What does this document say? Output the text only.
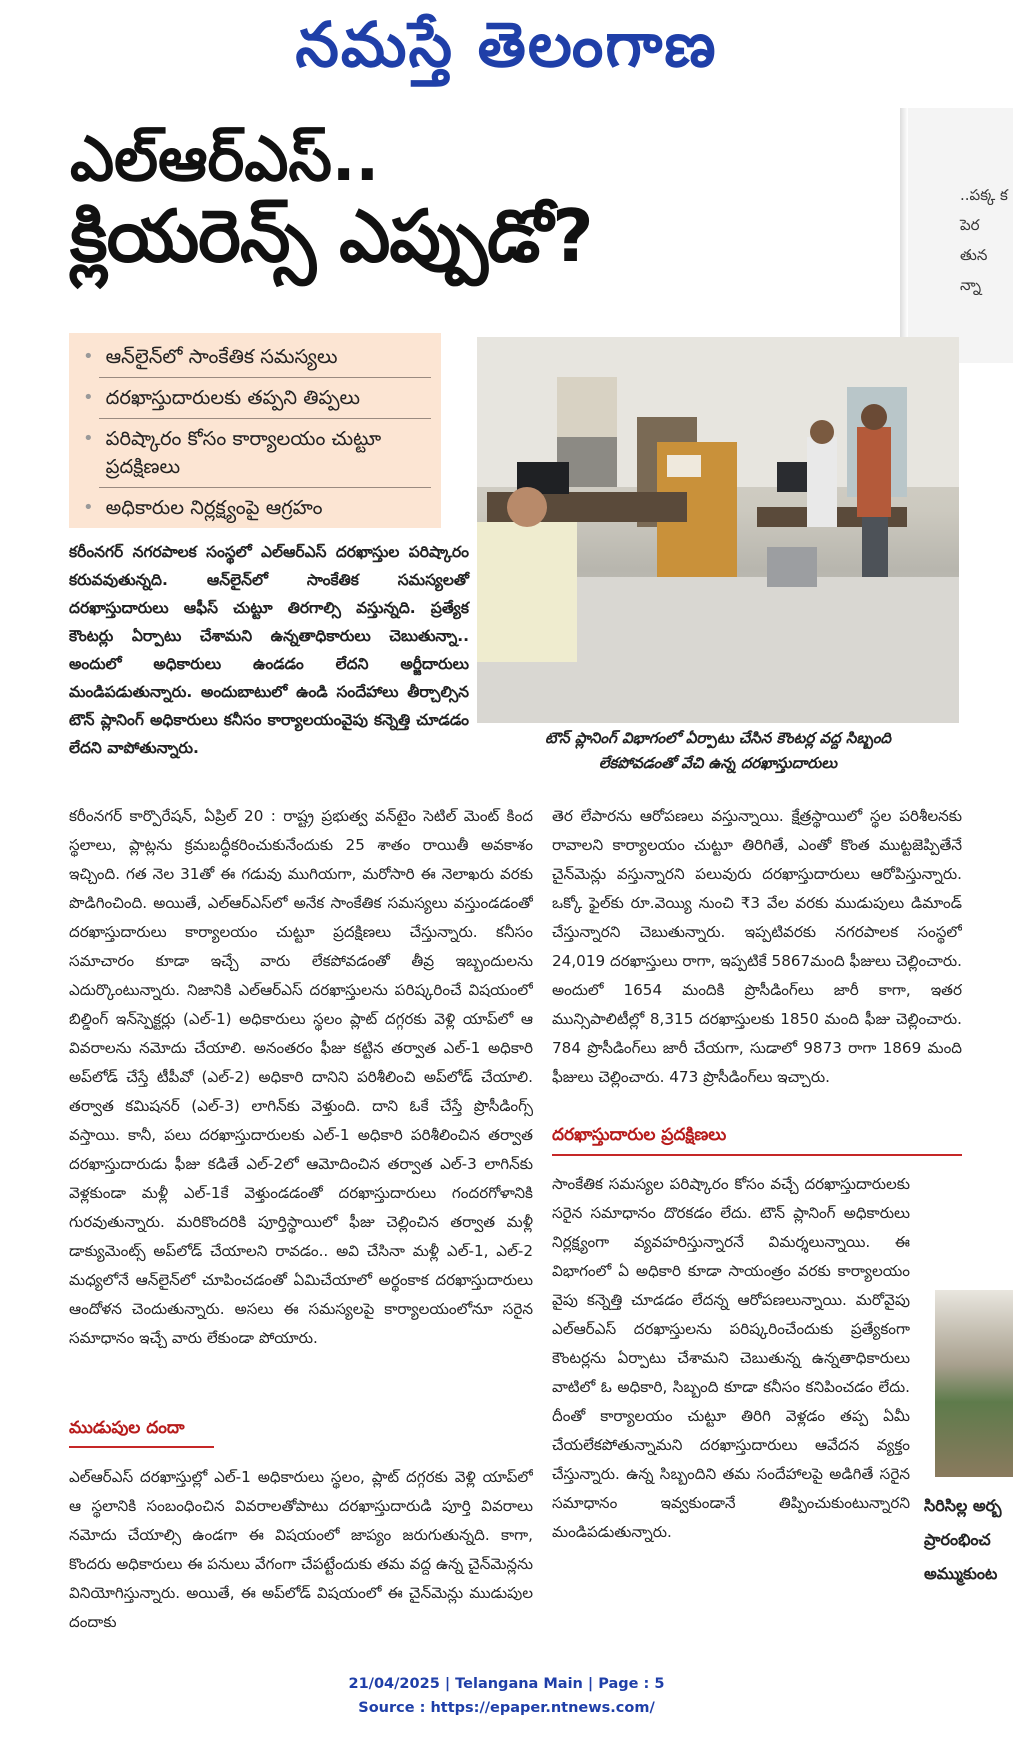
నమస్తే తెలంగాణ
..పక్క క
పెర
తున
న్నా
ఎల్‌ఆర్‌ఎస్‌..
క్లియరెన్స్‌ ఎప్పుడో?
• ఆన్‌లైన్‌లో సాంకేతిక సమస్యలు
• దరఖాస్తుదారులకు తప్పని తిప్పలు
• పరిష్కారం కోసం కార్యాలయం చుట్టూ ప్రదక్షిణలు
• అధికారుల నిర్లక్ష్యంపై ఆగ్రహం
టౌన్‌ ప్లానింగ్‌ విభాగంలో ఏర్పాటు చేసిన కౌంటర్ల వద్ద సిబ్బంది
లేకపోవడంతో వేచి ఉన్న దరఖాస్తుదారులు
కరీంనగర్‌ నగరపాలక సంస్థలో ఎల్‌ఆర్‌ఎస్‌ దరఖాస్తుల పరిష్కారం కరువవుతున్నది. ఆన్‌లైన్‌లో సాంకేతిక సమస్యలతో దరఖాస్తుదారులు ఆఫీస్‌ చుట్టూ తిరగాల్సి వస్తున్నది. ప్రత్యేక కౌంటర్లు ఏర్పాటు చేశామని ఉన్నతాధికారులు చెబుతున్నా.. అందులో అధికారులు ఉండడం లేదని అర్జీదారులు మండిపడుతున్నారు. అందుబాటులో ఉండి సందేహాలు తీర్చాల్సిన టౌన్‌ ప్లానింగ్‌ అధికారులు కనీసం కార్యాలయంవైపు కన్నెత్తి చూడడం లేదని వాపోతున్నారు.
కరీంనగర్‌ కార్పొరేషన్‌, ఏప్రిల్‌ 20 : రాష్ట్ర ప్రభుత్వ వన్‌టైం సెటిల్‌ మెంట్‌ కింద స్థలాలు, ప్లాట్లను క్రమబద్ధీకరించుకునేందుకు 25 శాతం రాయితీ అవకాశం ఇచ్చింది. గత నెల 31తో ఈ గడువు ముగియగా, మరోసారి ఈ నెలాఖరు వరకు పొడిగించింది. అయితే, ఎల్‌ఆర్‌ఎస్‌లో అనేక సాంకేతిక సమస్యలు వస్తుండడంతో దరఖాస్తుదారులు కార్యాలయం చుట్టూ ప్రదక్షిణలు చేస్తున్నారు. కనీసం సమాచారం కూడా ఇచ్చే వారు లేకపోవడంతో తీవ్ర ఇబ్బందులను ఎదుర్కొంటున్నారు. నిజానికి ఎల్‌ఆర్‌ఎస్‌ దరఖాస్తులను పరిష్కరించే విషయంలో బిల్డింగ్‌ ఇన్‌స్పెక్టర్లు (ఎల్‌-1) అధికారులు స్థలం ప్లాట్‌ దగ్గరకు వెళ్లి యాప్‌లో ఆ వివరాలను నమోదు చేయాలి. అనంతరం ఫీజు కట్టిన తర్వాత ఎల్‌-1 అధికారి అప్‌లోడ్‌ చేస్తే టీపీవో (ఎల్‌-2) అధికారి దానిని పరిశీలించి అప్‌లోడ్‌ చేయాలి. తర్వాత కమిషనర్‌ (ఎల్‌-3) లాగిన్‌కు వెళ్తుంది. దాని ఓకే చేస్తే ప్రొసీడింగ్స్‌ వస్తాయి. కానీ, పలు దరఖాస్తుదారులకు ఎల్‌-1 అధికారి పరిశీలించిన తర్వాత దరఖాస్తుదారుడు ఫీజు కడితే ఎల్‌-2లో ఆమోదించిన తర్వాత ఎల్‌-3 లాగిన్‌కు వెళ్లకుండా మళ్లీ ఎల్‌-1కే వెళ్తుండడంతో దరఖాస్తుదారులు గందరగోళానికి గురవుతున్నారు. మరికొందరికి పూర్తిస్థాయిలో ఫీజు చెల్లించిన తర్వాత మళ్లీ డాక్యుమెంట్స్‌ అప్‌లోడ్‌ చేయాలని రావడం.. అవి చేసినా మళ్లీ ఎల్‌-1, ఎల్‌-2 మధ్యలోనే ఆన్‌లైన్‌లో చూపించడంతో ఏమిచేయాలో అర్థంకాక దరఖాస్తుదారులు ఆందోళన చెందుతున్నారు. అసలు ఈ సమస్యలపై కార్యాలయంలోనూ సరైన సమాధానం ఇచ్చే వారు లేకుండా పోయారు.
ముడుపుల దందా
ఎల్‌ఆర్‌ఎస్‌ దరఖాస్తుల్లో ఎల్‌-1 అధికారులు స్థలం, ప్లాట్‌ దగ్గరకు వెళ్లి యాప్‌లో ఆ స్థలానికి సంబంధించిన వివరాలతోపాటు దరఖాస్తుదారుడి పూర్తి వివరాలు నమోదు చేయాల్సి ఉండగా ఈ విషయంలో జాప్యం జరుగుతున్నది. కాగా, కొందరు అధికారులు ఈ పనులు వేగంగా చేపట్టేందుకు తమ వద్ద ఉన్న చైన్‌మెన్లను వినియోగిస్తున్నారు. అయితే, ఈ అప్‌లోడ్‌ విషయంలో ఈ చైన్‌మెన్లు ముడుపుల దందాకు
తెర లేపారను ఆరోపణలు వస్తున్నాయి. క్షేత్రస్థాయిలో స్థల పరిశీలనకు రావాలని కార్యాలయం చుట్టూ తిరిగితే, ఎంతో కొంత ముట్టజెప్పితేనే చైన్‌మెన్లు వస్తున్నారని పలువురు దరఖాస్తుదారులు ఆరోపిస్తున్నారు. ఒక్కో ఫైల్‌కు రూ.వెయ్యి నుంచి ₹3 వేల వరకు ముడుపులు డిమాండ్‌ చేస్తున్నారని చెబుతున్నారు. ఇప్పటివరకు నగరపాలక సంస్థలో 24,019 దరఖాస్తులు రాగా, ఇప్పటికే 5867మంది ఫీజులు చెల్లించారు. అందులో 1654 మందికి ప్రొసీడింగ్‌లు జారీ కాగా, ఇతర మున్సిపాలిటీల్లో 8,315 దరఖాస్తులకు 1850 మంది ఫీజు చెల్లించారు. 784 ప్రొసీడింగ్‌లు జారీ చేయగా, సుడాలో 9873 రాగా 1869 మంది ఫీజులు చెల్లించారు. 473 ప్రొసీడింగ్‌లు ఇచ్చారు.
దరఖాస్తుదారుల ప్రదక్షిణలు
సాంకేతిక సమస్యల పరిష్కారం కోసం వచ్చే దరఖాస్తుదారులకు సరైన సమాధానం దొరకడం లేదు. టౌన్‌ ప్లానింగ్‌ అధికారులు నిర్లక్ష్యంగా వ్యవహరిస్తున్నారనే విమర్శలున్నాయి. ఈ విభాగంలో ఏ అధికారి కూడా సాయంత్రం వరకు కార్యాలయం వైపు కన్నెత్తి చూడడం లేదన్న ఆరోపణలున్నాయి. మరోవైపు ఎల్‌ఆర్‌ఎస్‌ దరఖాస్తులను పరిష్కరించేందుకు ప్రత్యేకంగా కౌంటర్లను ఏర్పాటు చేశామని చెబుతున్న ఉన్నతాధికారులు వాటిలో ఓ అధికారి, సిబ్బంది కూడా కనీసం కనిపించడం లేదు. దీంతో కార్యాలయం చుట్టూ తిరిగి వెళ్లడం తప్ప ఏమీ చేయలేకపోతున్నామని దరఖాస్తుదారులు ఆవేదన వ్యక్తం చేస్తున్నారు. ఉన్న సిబ్బందిని తమ సందేహాలపై అడిగితే సరైన సమాధానం ఇవ్వకుండానే తిప్పించుకుంటున్నారని మండిపడుతున్నారు.
సిరిసిల్ల అర్బ
ప్రారంభించ
అమ్ముకుంట
21/04/2025 | Telangana Main | Page : 5
Source : https://epaper.ntnews.com/
